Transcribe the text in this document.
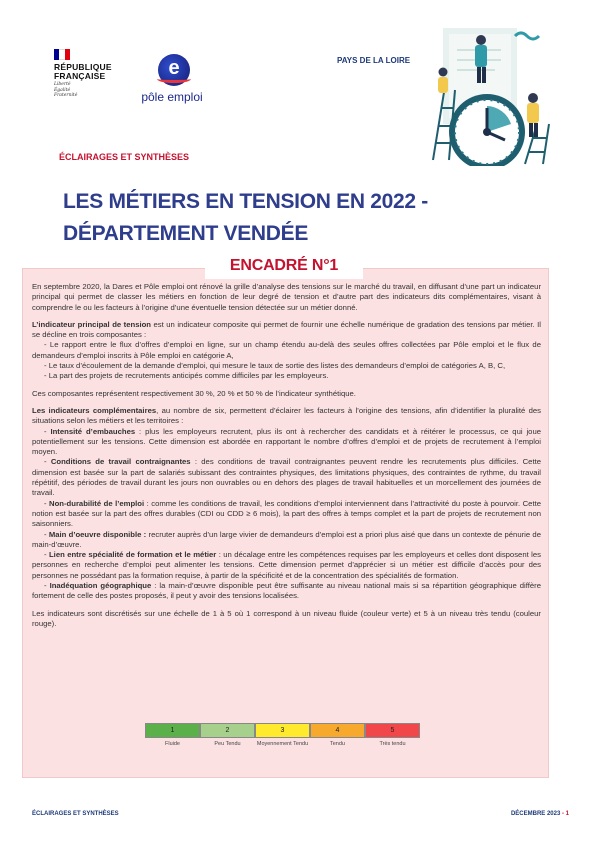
RÉPUBLIQUE
FRANÇAISE
Liberté
Égalité
Fraternité
e
pôle emploi
PAYS DE LA LOIRE
ÉCLAIRAGES ET SYNTHÈSES
LES MÉTIERS EN TENSION EN 2022 -
DÉPARTEMENT VENDÉE
ENCADRÉ N°1

En septembre 2020, la Dares et Pôle emploi ont rénové la grille d’analyse des tensions sur le marché du travail, en diffusant d’une part un indicateur principal qui permet de classer les métiers en fonction de leur degré de tension et d’autre part des indicateurs dits complémentaires, visant à comprendre le ou les facteurs à l’origine d’une éventuelle tension détectée sur un métier donné.

L’indicateur principal de tension est un indicateur composite qui permet de fournir une échelle numérique de gradation des tensions par métier. Il se décline en trois composantes :

- Le rapport entre le flux d’offres d’emploi en ligne, sur un champ étendu au-delà des seules offres collectées par Pôle emploi et le flux de demandeurs d’emploi inscrits à Pôle emploi en catégorie A,

- Le taux d’écoulement de la demande d’emploi, qui mesure le taux de sortie des listes des demandeurs d’emploi de catégories A, B, C,

- La part des projets de recrutements anticipés comme difficiles par les employeurs.

Ces composantes représentent respectivement 30 %, 20 % et 50 % de l’indicateur synthétique.

Les indicateurs complémentaires, au nombre de six, permettent d’éclairer les facteurs à l’origine des tensions, afin d’identifier la pluralité des situations selon les métiers et les territoires :

- Intensité d’embauches : plus les employeurs recrutent, plus ils ont à rechercher des candidats et à réitérer le processus, ce qui joue potentiellement sur les tensions. Cette dimension est abordée en rapportant le nombre d’offres d’emploi et de projets de recrutement à l’emploi moyen.

- Conditions de travail contraignantes : des conditions de travail contraignantes peuvent rendre les recrutements plus difficiles. Cette dimension est basée sur la part de salariés subissant des contraintes physiques, des limitations physiques, des contraintes de rythme, du travail répétitif, des périodes de travail durant les jours non ouvrables ou en dehors des plages de travail habituelles et un morcellement des journées de travail.

- Non-durabilité de l’emploi : comme les conditions de travail, les conditions d’emploi interviennent dans l’attractivité du poste à pourvoir. Cette notion est basée sur la part des offres durables (CDI ou CDD ≥ 6 mois), la part des offres à temps complet et la part de projets de recrutement non saisonniers.

- Main d’oeuvre disponible : recruter auprès d’un large vivier de demandeurs d’emploi est a priori plus aisé que dans un contexte de pénurie de main-d’œuvre.

- Lien entre spécialité de formation et le métier : un décalage entre les compétences requises par les employeurs et celles dont disposent les personnes en recherche d’emploi peut alimenter les tensions. Cette dimension permet d’apprécier si un métier est difficile d’accès pour des personnes ne possédant pas la formation requise, à partir de la spécificité et de la concentration des spécialités de formation.

- Inadéquation géographique : la main-d’œuvre disponible peut être suffisante au niveau national mais si sa répartition géographique diffère fortement de celle des postes proposés, il peut y avoir des tensions localisées.

Les indicateurs sont discrétisés sur une échelle de 1 à 5 où 1 correspond à un niveau fluide (couleur verte) et 5 à un niveau très tendu (couleur rouge).

1
Fluide
2
Peu Tendu
3
Moyennement Tendu
4
Tendu
5
Très tendu
ÉCLAIRAGES ET SYNTHÈSES	DÉCEMBRE 2023 - 1
